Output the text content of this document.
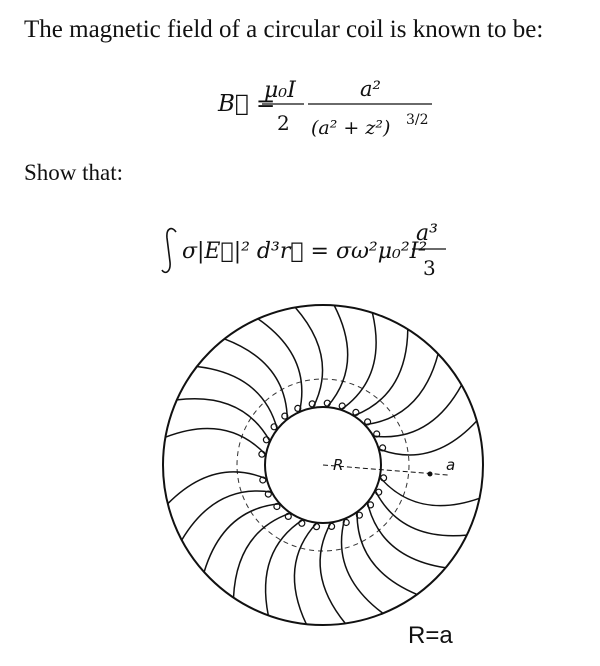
The magnetic field of a circular coil is known to be:
B⃗ =
μ₀I
2
a²
(a² + z²) 3/2
σ|E⃗|² d³r⃗ = σω²μ₀²I²
a³
3
Show that:
R	a
R=a
